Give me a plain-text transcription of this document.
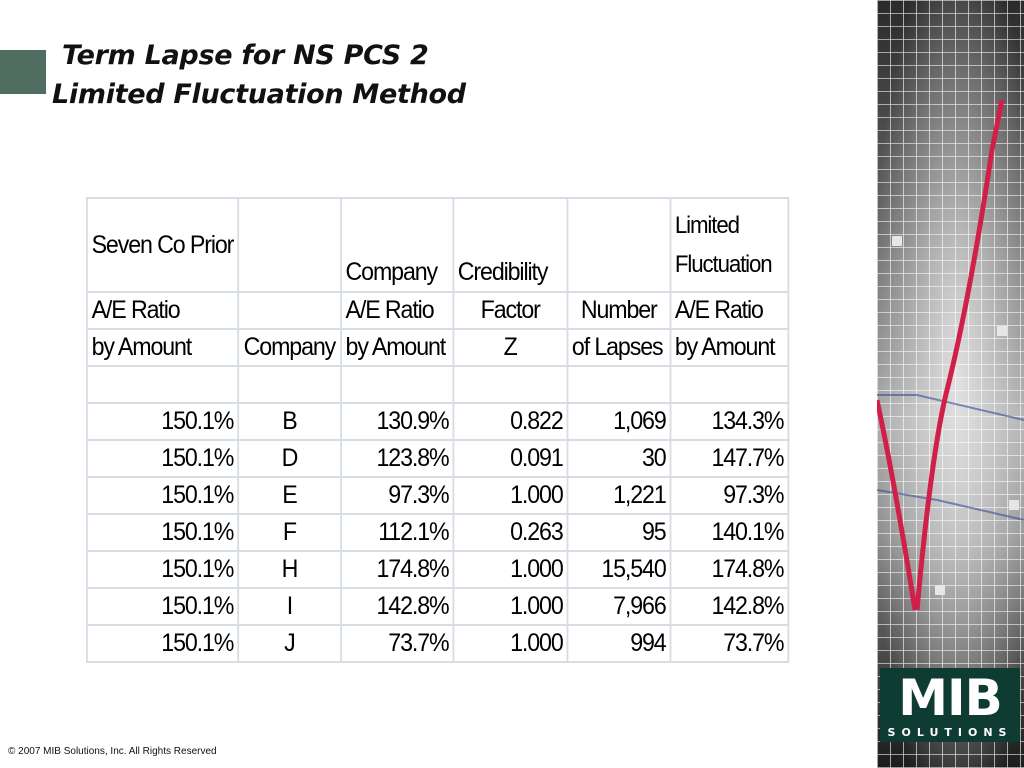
Term Lapse for NS PCS 2
Limited Fluctuation Method
Seven Co Prior		Company	Credibility		Limited Fluctuation

A/E Ratio		A/E Ratio	Factor	Number	A/E Ratio
by Amount	Company	by Amount	Z	of Lapses	by Amount

150.1%	B	130.9%	0.822	1,069	134.3%
150.1%	D	123.8%	0.091	30	147.7%
150.1%	E	97.3%	1.000	1,221	97.3%
150.1%	F	112.1%	0.263	95	140.1%
150.1%	H	174.8%	1.000	15,540	174.8%
150.1%	I	142.8%	1.000	7,966	142.8%
150.1%	J	73.7%	1.000	994	73.7%
MIB
SOLUTIONS
© 2007 MIB Solutions, Inc. All Rights Reserved
